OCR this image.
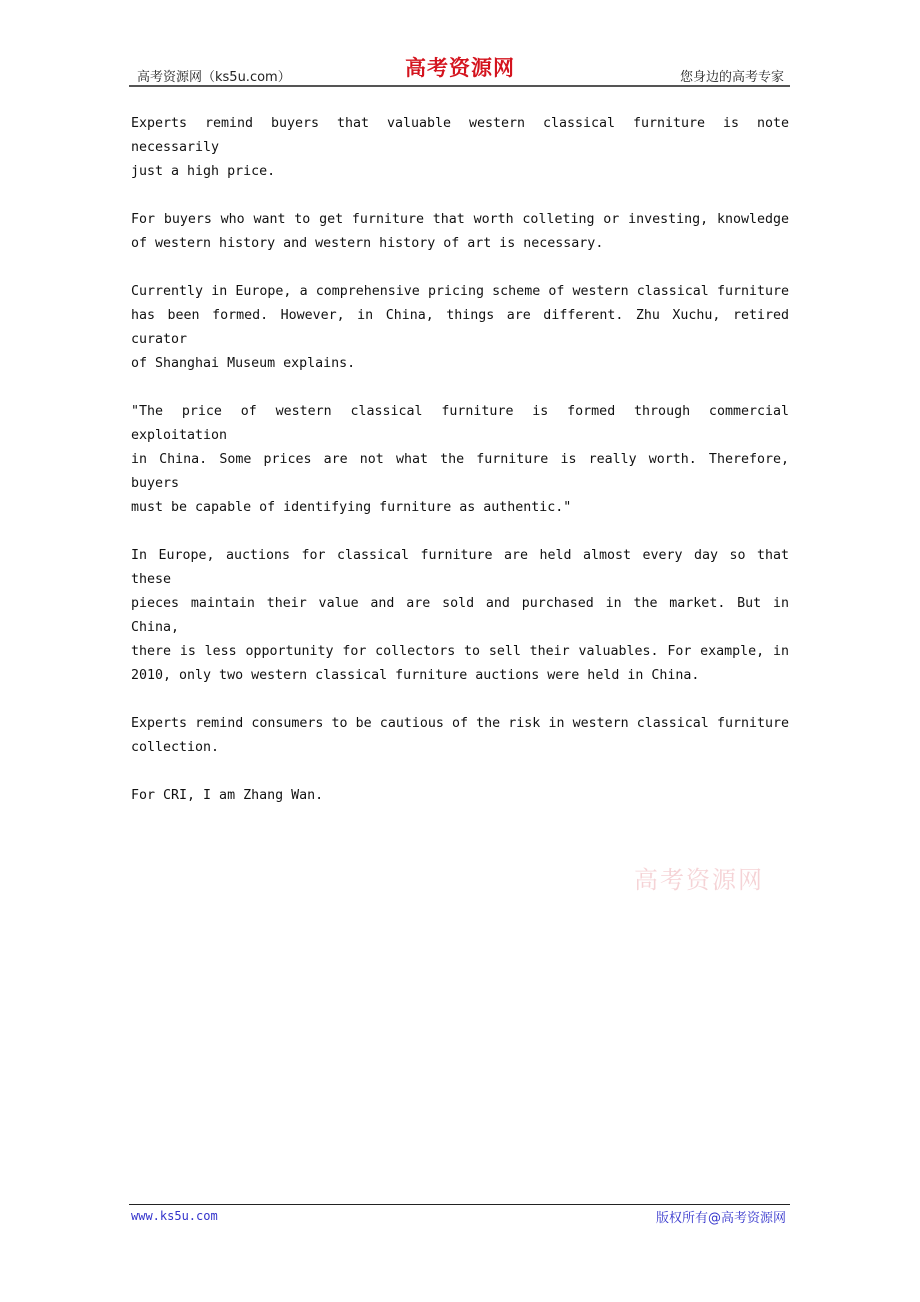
高考资源网（ks5u.com）	高考资源网	您身边的高考专家
Experts remind buyers that valuable western classical furniture is note necessarily
just a high price.
For buyers who want to get furniture that worth colleting or investing, knowledge
of western history and western history of art is necessary.
Currently in Europe, a comprehensive pricing scheme of western classical furniture
has been formed. However, in China, things are different. Zhu Xuchu, retired curator
of Shanghai Museum explains.
"The price of western classical furniture is formed through commercial exploitation
in China. Some prices are not what the furniture is really worth. Therefore, buyers
must be capable of identifying furniture as authentic."
In Europe, auctions for classical furniture are held almost every day so that these
pieces maintain their value and are sold and purchased in the market. But in China,
there is less opportunity for collectors to sell their valuables. For example, in
2010, only two western classical furniture auctions were held in China.
Experts remind consumers to be cautious of the risk in western classical furniture
collection.
For CRI, I am Zhang Wan.
高考资源网
www.ks5u.com	版权所有@高考资源网
